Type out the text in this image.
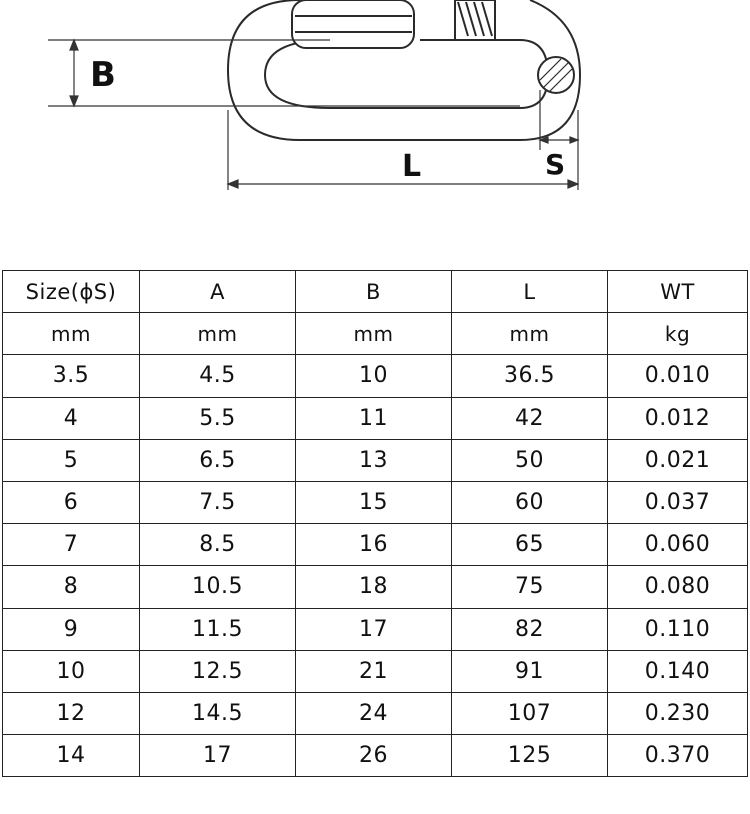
B
L	S
Size(ϕS)	A	B	L	WT
mm	mm	mm	mm	kg
3.5	4.5	10	36.5	0.010
4	5.5	11	42	0.012
5	6.5	13	50	0.021
6	7.5	15	60	0.037
7	8.5	16	65	0.060
8	10.5	18	75	0.080
9	11.5	17	82	0.110
10	12.5	21	91	0.140
12	14.5	24	107	0.230
14	17	26	125	0.370
